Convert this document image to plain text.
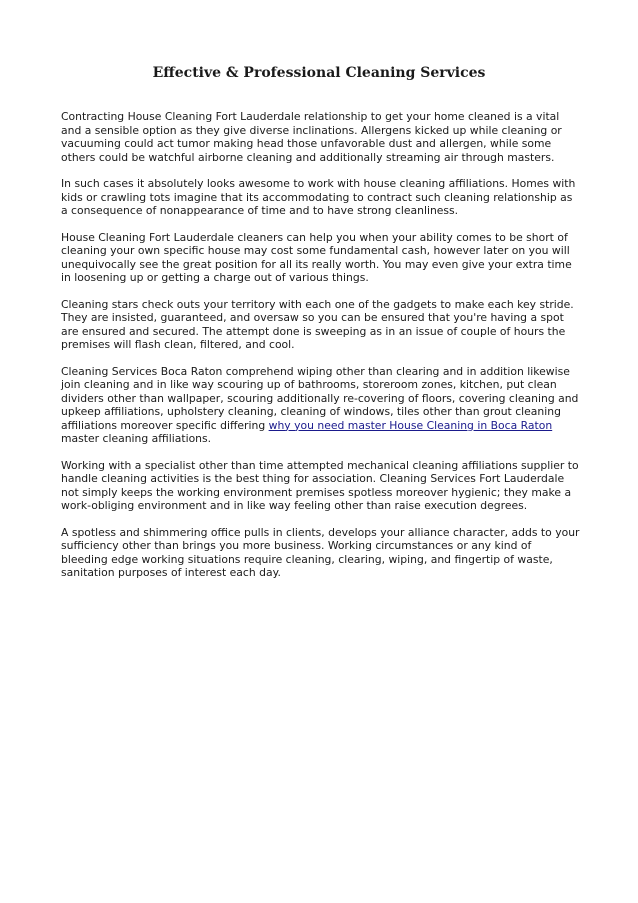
Effective & Professional Cleaning Services

Contracting House Cleaning Fort Lauderdale relationship to get your home cleaned is a vital and a sensible option as they give diverse inclinations. Allergens kicked up while cleaning or vacuuming could act tumor making head those unfavorable dust and allergen, while some others could be watchful airborne cleaning and additionally streaming air through masters.

In such cases it absolutely looks awesome to work with house cleaning affiliations. Homes with kids or crawling tots imagine that its accommodating to contract such cleaning relationship as a consequence of nonappearance of time and to have strong cleanliness.

House Cleaning Fort Lauderdale cleaners can help you when your ability comes to be short of cleaning your own specific house may cost some fundamental cash, however later on you will unequivocally see the great position for all its really worth. You may even give your extra time in loosening up or getting a charge out of various things.

Cleaning stars check outs your territory with each one of the gadgets to make each key stride. They are insisted, guaranteed, and oversaw so you can be ensured that you're having a spot are ensured and secured. The attempt done is sweeping as in an issue of couple of hours the premises will flash clean, filtered, and cool.

Cleaning Services Boca Raton comprehend wiping other than clearing and in addition likewise join cleaning and in like way scouring up of bathrooms, storeroom zones, kitchen, put clean dividers other than wallpaper, scouring additionally re-covering of floors, covering cleaning and upkeep affiliations, upholstery cleaning, cleaning of windows, tiles other than grout cleaning affiliations moreover specific differing why you need master House Cleaning in Boca Raton master cleaning affiliations.

Working with a specialist other than time attempted mechanical cleaning affiliations supplier to handle cleaning activities is the best thing for association. Cleaning Services Fort Lauderdale not simply keeps the working environment premises spotless moreover hygienic; they make a work-obliging environment and in like way feeling other than raise execution degrees.

A spotless and shimmering office pulls in clients, develops your alliance character, adds to your sufficiency other than brings you more business. Working circumstances or any kind of bleeding edge working situations require cleaning, clearing, wiping, and fingertip of waste, sanitation purposes of interest each day.
